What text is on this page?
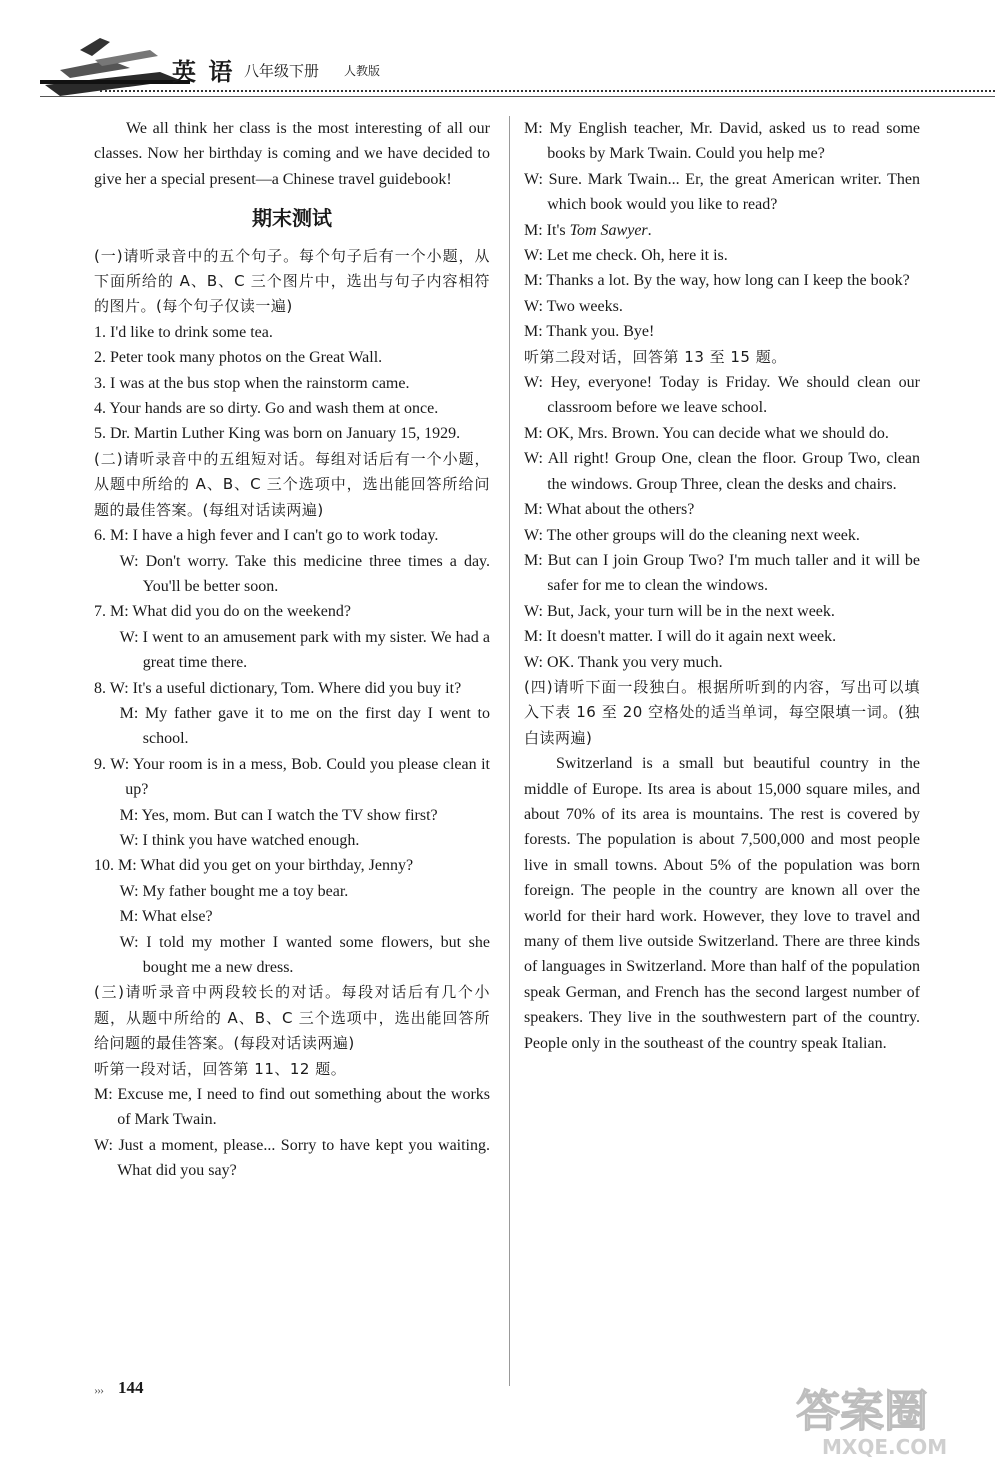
英 语 八年级下册 人教版

We all think her class is the most interesting of all our classes. Now her birthday is coming and we have decided to give her a special present—a Chinese travel guidebook!

期末测试

(一)请听录音中的五个句子。每个句子后有一个小题，从下面所给的 A、B、C 三个图片中，选出与句子内容相符的图片。(每个句子仅读一遍)

1. I'd like to drink some tea.

2. Peter took many photos on the Great Wall.

3. I was at the bus stop when the rainstorm came.

4. Your hands are so dirty. Go and wash them at once.

5. Dr. Martin Luther King was born on January 15, 1929.

(二)请听录音中的五组短对话。每组对话后有一个小题，从题中所给的 A、B、C 三个选项中，选出能回答所给问题的最佳答案。(每组对话读两遍)

6. M: I have a high fever and I can't go to work today.

W: Don't worry. Take this medicine three times a day. You'll be better soon.

7. M: What did you do on the weekend?

W: I went to an amusement park with my sister. We had a great time there.

8. W: It's a useful dictionary, Tom. Where did you buy it?

M: My father gave it to me on the first day I went to school.

9. W: Your room is in a mess, Bob. Could you please clean it up?

M: Yes, mom. But can I watch the TV show first?

W: I think you have watched enough.

10. M: What did you get on your birthday, Jenny?

W: My father bought me a toy bear.

M: What else?

W: I told my mother I wanted some flowers, but she bought me a new dress.

(三)请听录音中两段较长的对话。每段对话后有几个小题，从题中所给的 A、B、C 三个选项中，选出能回答所给问题的最佳答案。(每段对话读两遍)

听第一段对话，回答第 11、12 题。

M: Excuse me, I need to find out something about the works of Mark Twain.

W: Just a moment, please... Sorry to have kept you waiting. What did you say?

M: My English teacher, Mr. David, asked us to read some books by Mark Twain. Could you help me?

W: Sure. Mark Twain... Er, the great American writer. Then which book would you like to read?

M: It's Tom Sawyer.

W: Let me check. Oh, here it is.

M: Thanks a lot. By the way, how long can I keep the book?

W: Two weeks.

M: Thank you. Bye!

听第二段对话，回答第 13 至 15 题。

W: Hey, everyone! Today is Friday. We should clean our classroom before we leave school.

M: OK, Mrs. Brown. You can decide what we should do.

W: All right! Group One, clean the floor. Group Two, clean the windows. Group Three, clean the desks and chairs.

M: What about the others?

W: The other groups will do the cleaning next week.

M: But can I join Group Two? I'm much taller and it will be safer for me to clean the windows.

W: But, Jack, your turn will be in the next week.

M: It doesn't matter. I will do it again next week.

W: OK. Thank you very much.

(四)请听下面一段独白。根据所听到的内容，写出可以填入下表 16 至 20 空格处的适当单词，每空限填一词。(独白读两遍)

Switzerland is a small but beautiful country in the middle of Europe. Its area is about 15,000 square miles, and about 70% of its area is mountains. The rest is covered by forests. The population is about 7,500,000 and most people live in small towns. About 5% of the population was born foreign. The people in the country are known all over the world for their hard work. However, they love to travel and many of them live outside Switzerland. There are three kinds of languages in Switzerland. More than half of the population speak German, and French has the second largest number of speakers. They live in the southwestern part of the country. People only in the southeast of the country speak Italian.

››› 144	答案圈
MXQE.COM
